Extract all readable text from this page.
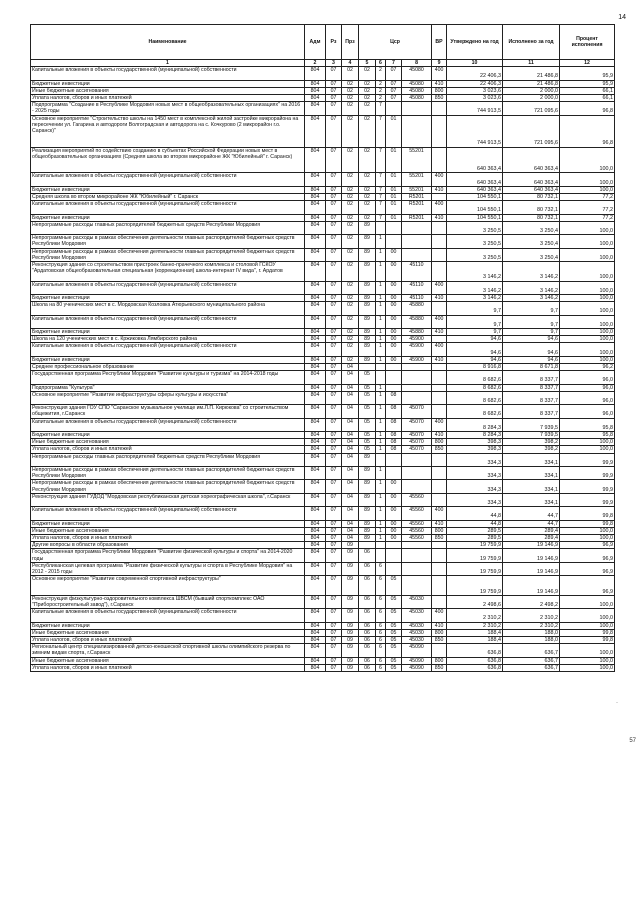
14
·
57
Наименование	Адм	Рз	Прз	Цср				ВР	Утверждено на год	Исполнено за год	Процент исполнения
1	2	3	4	5	6	7	8	9	10	11	12
Капитальные вложения в объекты государственной (муниципальной) собственности	804	07	02	02	2	07	45080	400	22 406,3	21 486,8	95,9
Бюджетные инвестиции	804	07	02	02	2	07	45080	410	22 406,3	21 486,8	95,9
Иные бюджетные ассигнования	804	07	02	02	2	07	45080	800	3 023,6	2 000,0	66,1
Уплата налогов, сборов и иных платежей	804	07	02	02	2	07	45080	850	3 023,6	2 000,0	66,1
Подпрограмма "Создание в Республике Мордовия новых мест в общеобразовательных организациях" на 2016 - 2025 годы	804	07	02	02	7				744 913,5	721 095,6	96,8
Основное мероприятие "Строительство школы на 1450 мест в комплексной жилой застройке микрорайона на пересечении ул. Гагарина и автодороги Волгоградская и автодорога на с. Кочкурово (2 микрорайон г.о. Саранск)"	804	07	02	02	7	01			744 913,5	721 095,6	96,8
Реализация мероприятий по содействию созданию в субъектах Российской Федерации новых мест в общеобразовательных организациях (Средняя школа во втором микрорайоне ЖК "Юбилейный" г. Саранск)	804	07	02	02	7	01	55201		640 363,4	640 363,4	100,0
Капитальные вложения в объекты государственной (муниципальной) собственности	804	07	02	02	7	01	55201	400	640 363,4	640 363,4	100,0
Бюджетные инвестиции	804	07	02	02	7	01	55201	410	640 363,4	640 363,4	100,0
Средняя школа во втором микрорайоне ЖК "Юбилейный" г. Саранск	804	07	02	02	7	01	R5201		104 550,1	80 732,1	77,2
Капитальные вложения в объекты государственной (муниципальной) собственности	804	07	02	02	7	01	R5201	400	104 550,1	80 732,1	77,2
Бюджетные инвестиции	804	07	02	02	7	01	R5201	410	104 550,1	80 732,1	77,2
Непрограммные расходы главных распорядителей бюджетных средств Республики Мордовия	804	07	02	89					3 250,5	3 250,4	100,0
Непрограммные расходы в рамках обеспечения деятельности главных распорядителей бюджетных средств Республики Мордовия	804	07	02	89	1				3 250,5	3 250,4	100,0
Непрограммные расходы в рамках обеспечения деятельности главных распорядителей бюджетных средств Республики Мордовия	804	07	02	89	1	00			3 250,5	3 250,4	100,0
Реконструкция здания со строительством пристроек банно-прачечного комплекса и столовой ГСКОУ "Ардатовская общеобразовательная специальная (коррекционная) школа-интернат IV вида", г. Ардатов	804	07	02	89	1	00	45110		3 146,2	3 146,2	100,0
Капитальные вложения в объекты государственной (муниципальной) собственности	804	07	02	89	1	00	45110	400	3 146,2	3 146,2	100,0
Бюджетные инвестиции	804	07	02	89	1	00	45110	410	3 146,2	3 146,2	100,0
Школа на 80 ученических мест в с. Мордовская Козловка Атюрьевского муниципального района	804	07	02	89	1	00	45880		9,7	9,7	100,0
Капитальные вложения в объекты государственной (муниципальной) собственности	804	07	02	89	1	00	45880	400	9,7	9,7	100,0
Бюджетные инвестиции	804	07	02	89	1	00	45880	410	9,7	9,7	100,0
Школа на 120 ученических мест в с. Кржиковка Лямбирского района	804	07	02	89	1	00	45900		94,6	94,6	100,0
Капитальные вложения в объекты государственной (муниципальной) собственности	804	07	02	89	1	00	45900	400	94,6	94,6	100,0
Бюджетные инвестиции	804	07	02	89	1	00	45900	410	94,6	94,6	100,0
Среднее профессиональное образование	804	07	04						8 916,8	8 671,8	96,2
Государственная программа Республики Мордовия "Развитие культуры и туризма" на 2014-2018 годы	804	07	04	05					8 682,6	8 337,7	96,0
Подпрограмма "Культура"	804	07	04	05	1				8 682,6	8 337,7	96,0
Основное мероприятие "Развитие инфраструктуры сферы культуры и искусства"	804	07	04	05	1	08			8 682,6	8 337,7	96,0
Реконструкция здания ГОУ СПО "Саранское музыкальное училище им.Л.П. Кирюкова" со строительством общежития, г.Саранск	804	07	04	05	1	08	45070		8 682,6	8 337,7	96,0
Капитальные вложения в объекты государственной (муниципальной) собственности	804	07	04	05	1	08	45070	400	8 284,3	7 939,5	95,8
Бюджетные инвестиции	804	07	04	05	1	08	45070	410	8 284,3	7 939,5	95,8
Иные бюджетные ассигнования	804	07	04	05	1	08	45070	800	398,3	398,2	100,0
Уплата налогов, сборов и иных платежей	804	07	04	05	1	08	45070	850	398,3	398,2	100,0
Непрограммные расходы главных распорядителей бюджетных средств Республики Мордовия	804	07	04	89					334,3	334,1	99,9
Непрограммные расходы в рамках обеспечения деятельности главных распорядителей бюджетных средств Республики Мордовия	804	07	04	89	1				334,3	334,1	99,9
Непрограммные расходы в рамках обеспечения деятельности главных распорядителей бюджетных средств Республики Мордовия	804	07	04	89	1	00			334,3	334,1	99,9
Реконструкция здания ГУДОД "Мордовская республиканская детская хореографическая школа", г.Саранск	804	07	04	89	1	00	45560		334,3	334,1	99,9
Капитальные вложения в объекты государственной (муниципальной) собственности	804	07	04	89	1	00	45560	400	44,8	44,7	99,8
Бюджетные инвестиции	804	07	04	89	1	00	45560	410	44,8	44,7	99,8
Иные бюджетные ассигнования	804	07	04	89	1	00	45560	800	289,5	289,4	100,0
Уплата налогов, сборов и иных платежей	804	07	04	89	1	00	45560	850	289,5	289,4	100,0
Другие вопросы в области образования	804	07	09						19 759,9	19 146,9	96,9
Государственная программа Республики Мордовия "Развитие физической культуры и спорта" на 2014-2020 годы	804	07	09	06					19 759,9	19 146,9	96,9
Республиканская целевая программа "Развитие физической культуры и спорта в Республике Мордовия" на 2012 - 2015 годы	804	07	09	06	6				19 759,9	19 146,9	96,9
Основное мероприятие "Развитие современной спортивной инфраструктуры"	804	07	09	06	6	05			19 759,9	19 146,9	96,9
Реконструкция физкультурно-оздоровительного комплекса ШВСМ (бывший спорткомплекс ОАО "Приборостроительный завод"), г.Саранск	804	07	09	06	6	05	45030		2 498,6	2 498,2	100,0
Капитальные вложения в объекты государственной (муниципальной) собственности	804	07	09	06	6	05	45030	400	2 310,2	2 310,2	100,0
Бюджетные инвестиции	804	07	09	06	6	05	45030	410	2 310,2	2 310,2	100,0
Иные бюджетные ассигнования	804	07	09	06	6	05	45030	800	188,4	188,0	99,8
Уплата налогов, сборов и иных платежей	804	07	09	06	6	05	45030	850	188,4	188,0	99,8
Региональный центр специализированной детско-юношеской спортивной школы олимпийского резерва по зимним видам спорта, г.Саранск	804	07	09	06	6	05	45090		636,8	636,7	100,0
Иные бюджетные ассигнования	804	07	09	06	6	05	45090	800	636,8	636,7	100,0
Уплата налогов, сборов и иных платежей	804	07	09	06	6	05	45090	850	636,8	636,7	100,0
